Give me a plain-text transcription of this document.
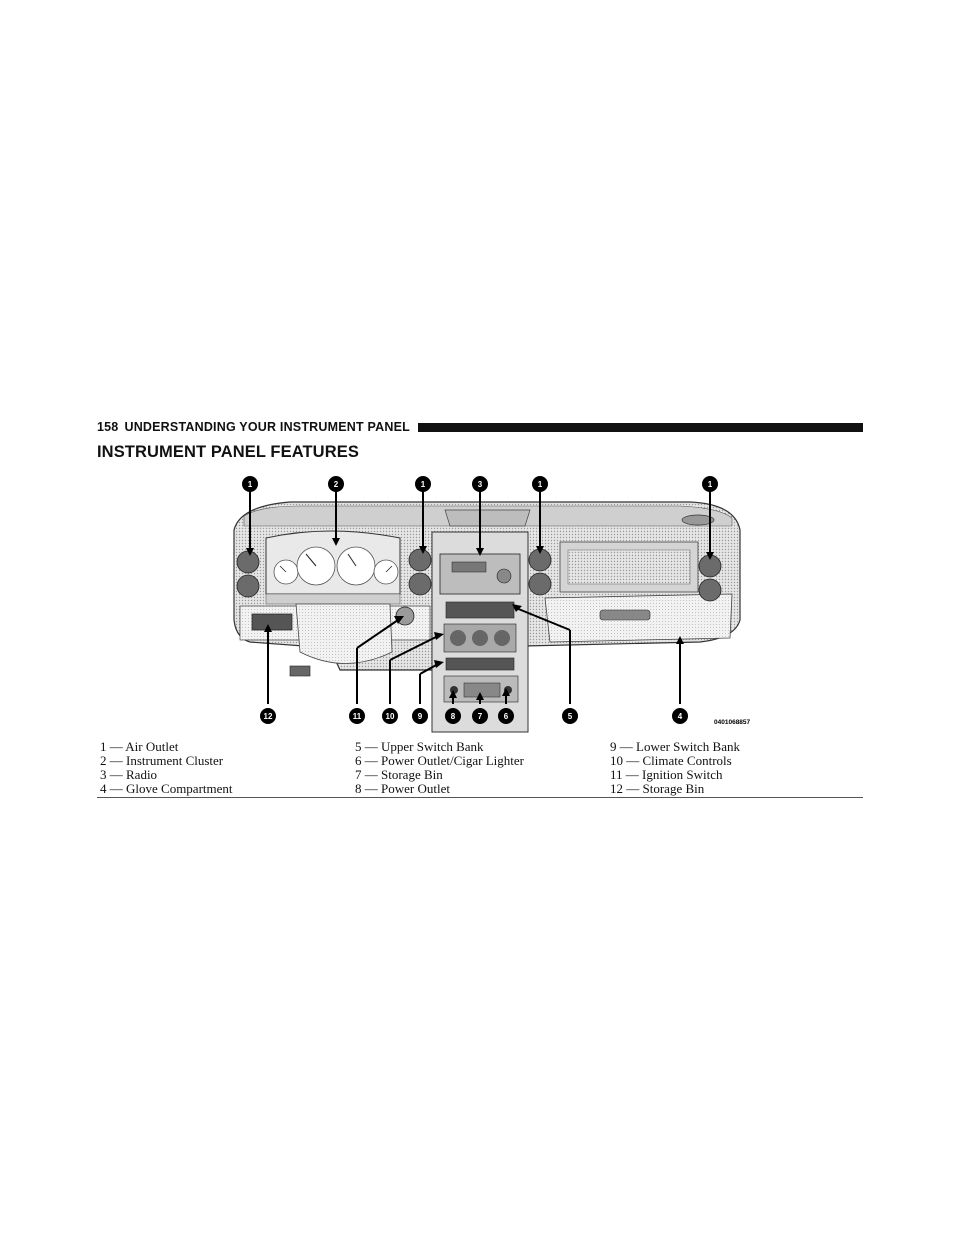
158 UNDERSTANDING YOUR INSTRUMENT PANEL
INSTRUMENT PANEL FEATURES
1	2	1	3	1	1
12	11	10	9	8	7	6	5	4
0401068857
1 — Air Outlet
2 — Instrument Cluster
3 — Radio
4 — Glove Compartment
5 — Upper Switch Bank
6 — Power Outlet/Cigar Lighter
7 — Storage Bin
8 — Power Outlet
9 — Lower Switch Bank
10 — Climate Controls
11 — Ignition Switch
12 — Storage Bin
